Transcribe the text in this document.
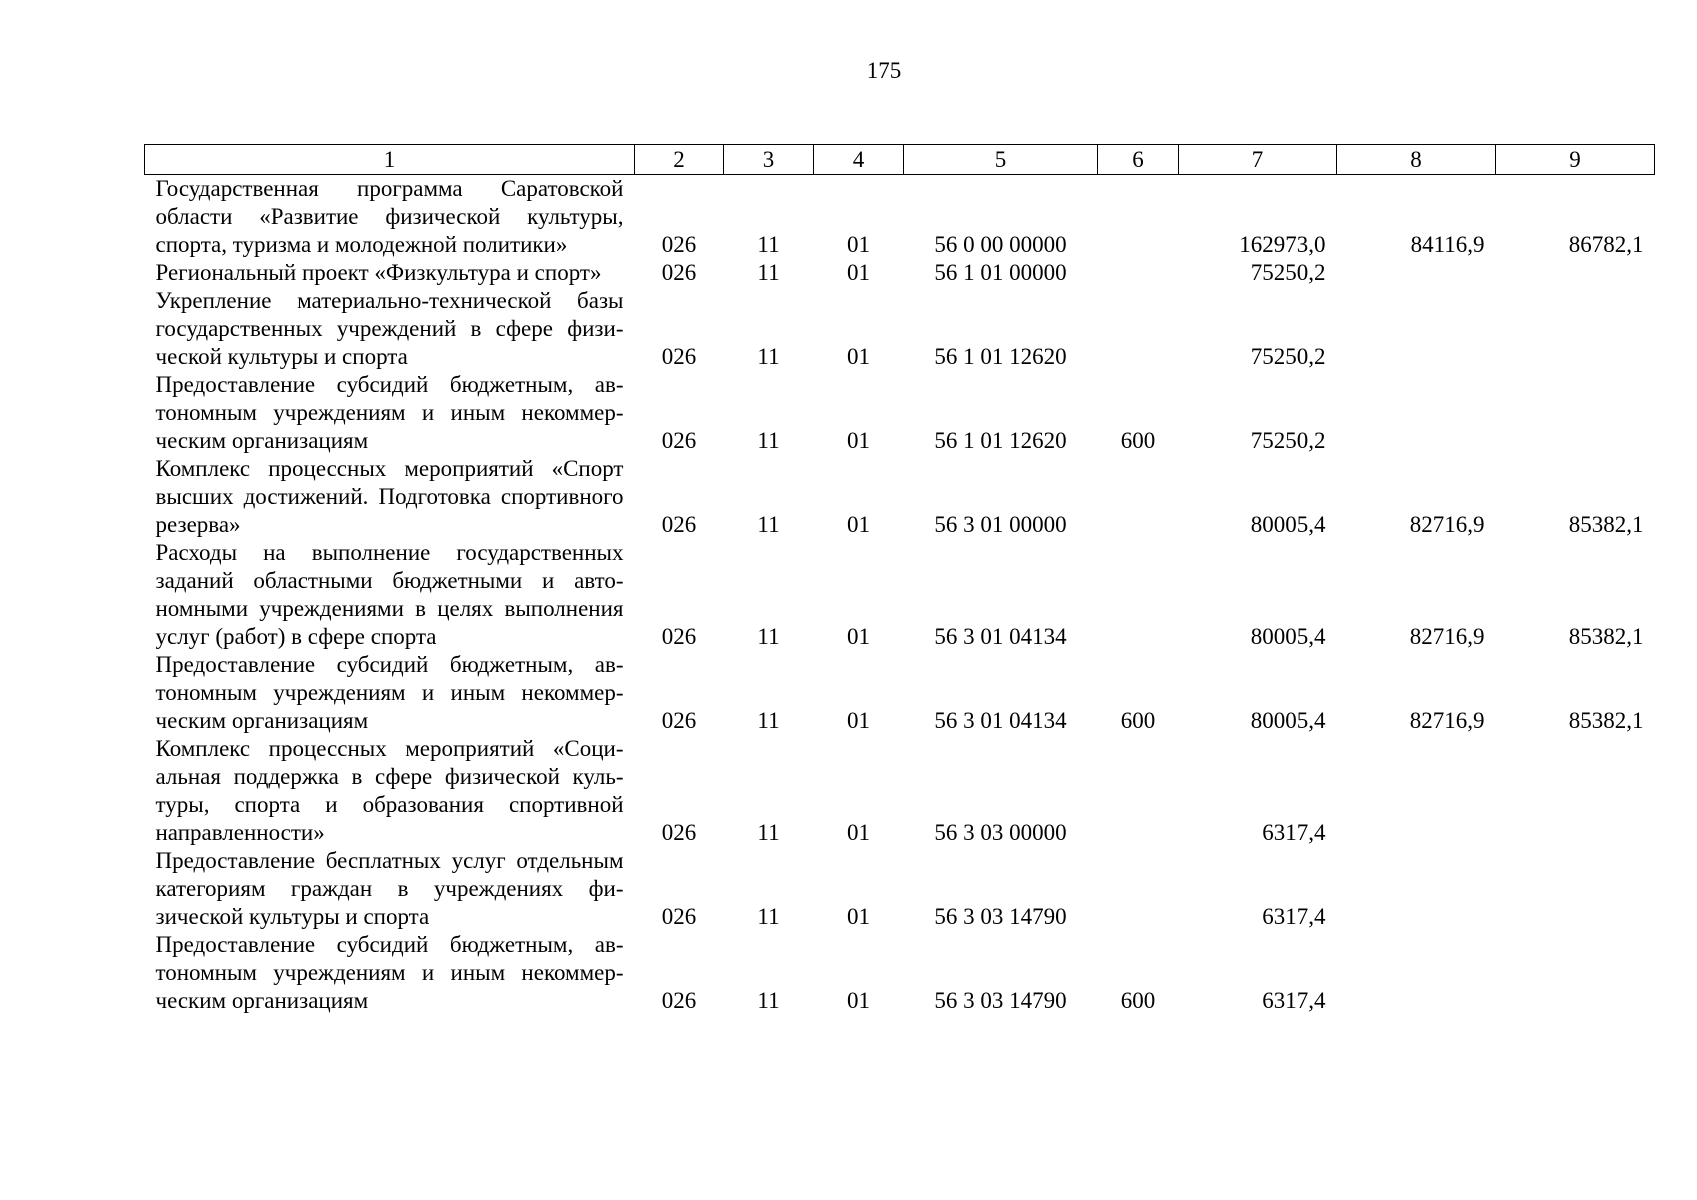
175
1	2	3	4	5	6	7	8	9
Государственная программа Саратовской области «Развитие физической культуры, спорта, туризма и молодежной политики»	026	11	01	56 0 00 00000		162973,0	84116,9	86782,1
Региональный проект «Физкультура и спорт»	026	11	01	56 1 01 00000		75250,2		
Укрепление материально-технической базы государственных учреждений в сфере физической культуры и спорта	026	11	01	56 1 01 12620		75250,2		
Предоставление субсидий бюджетным, автономным учреждениям и иным некоммерческим организациям	026	11	01	56 1 01 12620	600	75250,2		
Комплекс процессных мероприятий «Спорт высших достижений. Подготовка спортивного резерва»	026	11	01	56 3 01 00000		80005,4	82716,9	85382,1
Расходы на выполнение государственных заданий областными бюджетными и автономными учреждениями в целях выполнения услуг (работ) в сфере спорта	026	11	01	56 3 01 04134		80005,4	82716,9	85382,1
Предоставление субсидий бюджетным, автономным учреждениям и иным некоммерческим организациям	026	11	01	56 3 01 04134	600	80005,4	82716,9	85382,1
Комплекс процессных мероприятий «Социальная поддержка в сфере физической культуры, спорта и образования спортивной направленности»	026	11	01	56 3 03 00000		6317,4		
Предоставление бесплатных услуг отдельным категориям граждан в учреждениях физической культуры и спорта	026	11	01	56 3 03 14790		6317,4		
Предоставление субсидий бюджетным, автономным учреждениям и иным некоммерческим организациям	026	11	01	56 3 03 14790	600	6317,4		
